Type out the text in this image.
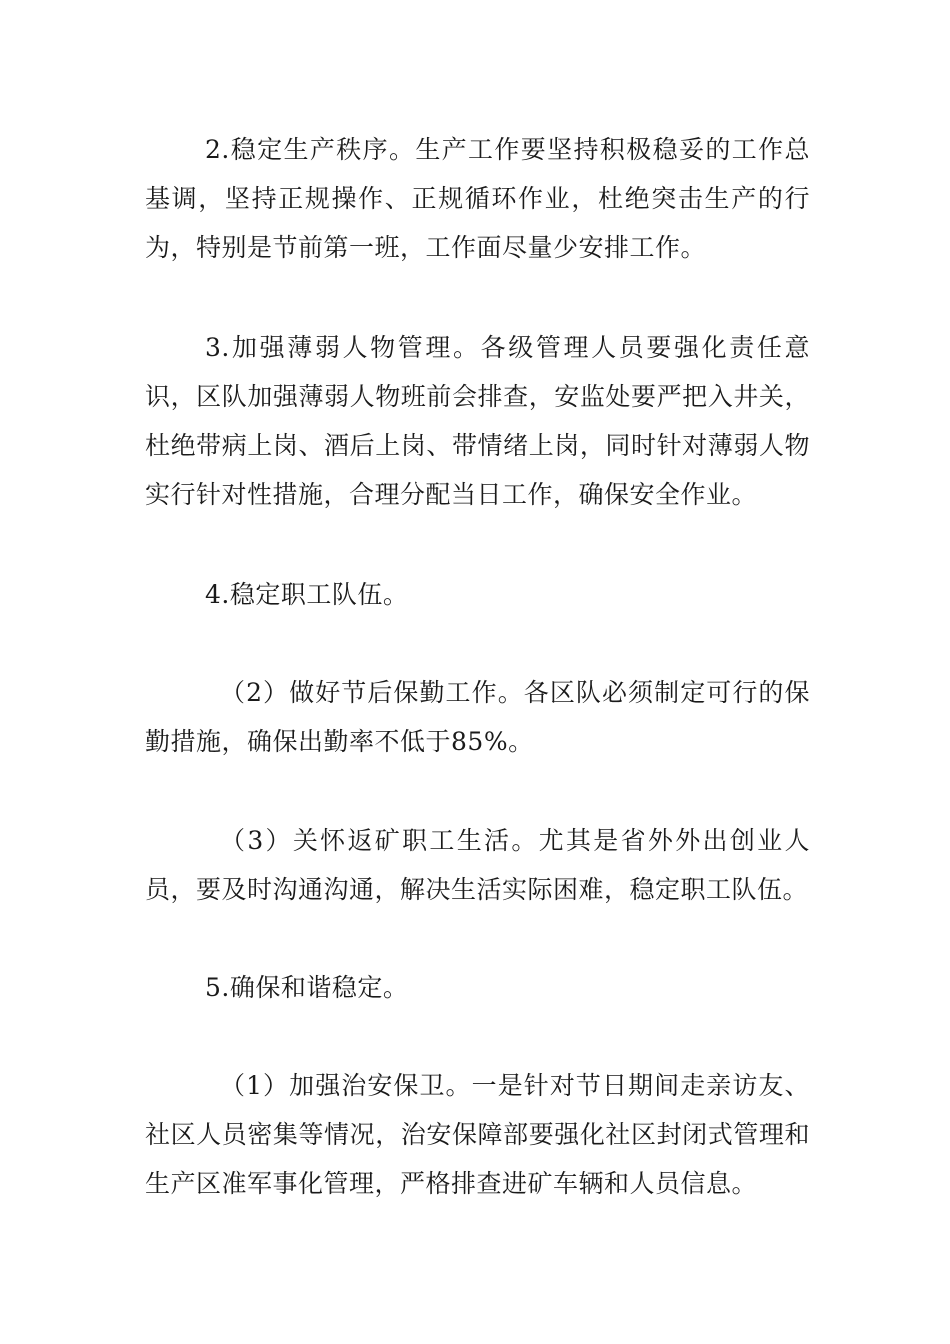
2.稳定生产秩序。生产工作要坚持积极稳妥的工作总基调，坚持正规操作、正规循环作业，杜绝突击生产的行为，特别是节前第一班，工作面尽量少安排工作。

3.加强薄弱人物管理。各级管理人员要强化责任意识，区队加强薄弱人物班前会排查，安监处要严把入井关，杜绝带病上岗、酒后上岗、带情绪上岗，同时针对薄弱人物实行针对性措施，合理分配当日工作，确保安全作业。

4.稳定职工队伍。

（2）做好节后保勤工作。各区队必须制定可行的保勤措施，确保出勤率不低于85%。

（3）关怀返矿职工生活。尤其是省外外出创业人员，要及时沟通沟通，解决生活实际困难，稳定职工队伍。

5.确保和谐稳定。

（1）加强治安保卫。一是针对节日期间走亲访友、社区人员密集等情况，治安保障部要强化社区封闭式管理和生产区准军事化管理，严格排查进矿车辆和人员信息。
